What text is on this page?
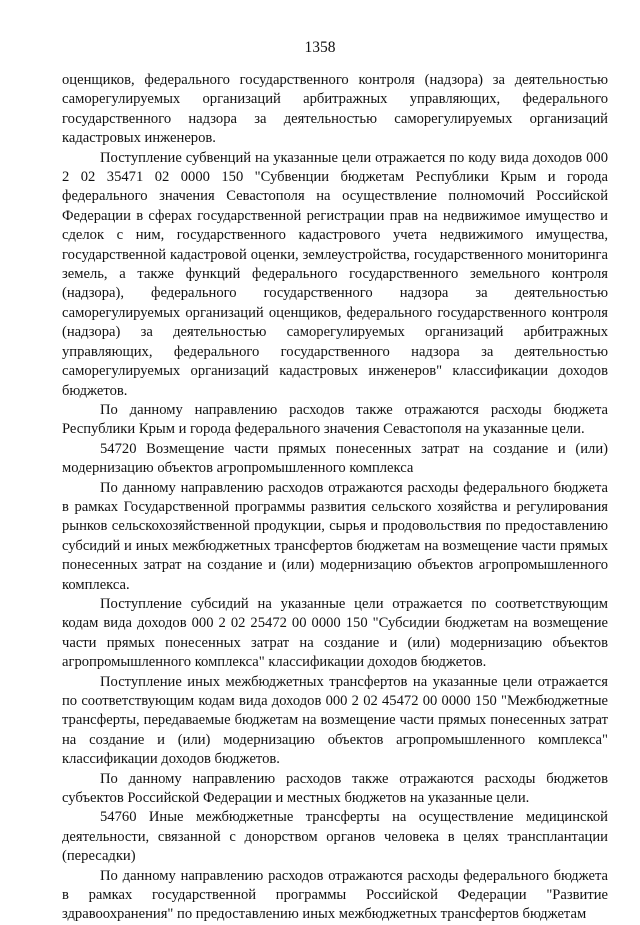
1358

оценщиков, федерального государственного контроля (надзора) за деятельностью саморегулируемых организаций арбитражных управляющих, федерального государственного надзора за деятельностью саморегулируемых организаций кадастровых инженеров.

Поступление субвенций на указанные цели отражается по коду вида доходов 000 2 02 35471 02 0000 150 "Субвенции бюджетам Республики Крым и города федерального значения Севастополя на осуществление полномочий Российской Федерации в сферах государственной регистрации прав на недвижимое имущество и сделок с ним, государственного кадастрового учета недвижимого имущества, государственной кадастровой оценки, землеустройства, государственного мониторинга земель, а также функций федерального государственного земельного контроля (надзора), федерального государственного надзора за деятельностью саморегулируемых организаций оценщиков, федерального государственного контроля (надзора) за деятельностью саморегулируемых организаций арбитражных управляющих, федерального государственного надзора за деятельностью саморегулируемых организаций кадастровых инженеров" классификации доходов бюджетов.

По данному направлению расходов также отражаются расходы бюджета Республики Крым и города федерального значения Севастополя на указанные цели.

54720 Возмещение части прямых понесенных затрат на создание и (или) модернизацию объектов агропромышленного комплекса

По данному направлению расходов отражаются расходы федерального бюджета в рамках Государственной программы развития сельского хозяйства и регулирования рынков сельскохозяйственной продукции, сырья и продовольствия по предоставлению субсидий и иных межбюджетных трансфертов бюджетам на возмещение части прямых понесенных затрат на создание и (или) модернизацию объектов агропромышленного комплекса.

Поступление субсидий на указанные цели отражается по соответствующим кодам вида доходов 000 2 02 25472 00 0000 150 "Субсидии бюджетам на возмещение части прямых понесенных затрат на создание и (или) модернизацию объектов агропромышленного комплекса" классификации доходов бюджетов.

Поступление иных межбюджетных трансфертов на указанные цели отражается по соответствующим кодам вида доходов 000 2 02 45472 00 0000 150 "Межбюджетные трансферты, передаваемые бюджетам на возмещение части прямых понесенных затрат на создание и (или) модернизацию объектов агропромышленного комплекса" классификации доходов бюджетов.

По данному направлению расходов также отражаются расходы бюджетов субъектов Российской Федерации и местных бюджетов на указанные цели.

54760 Иные межбюджетные трансферты на осуществление медицинской деятельности, связанной с донорством органов человека в целях трансплантации (пересадки)

По данному направлению расходов отражаются расходы федерального бюджета в рамках государственной программы Российской Федерации "Развитие здравоохранения" по предоставлению иных межбюджетных трансфертов бюджетам
